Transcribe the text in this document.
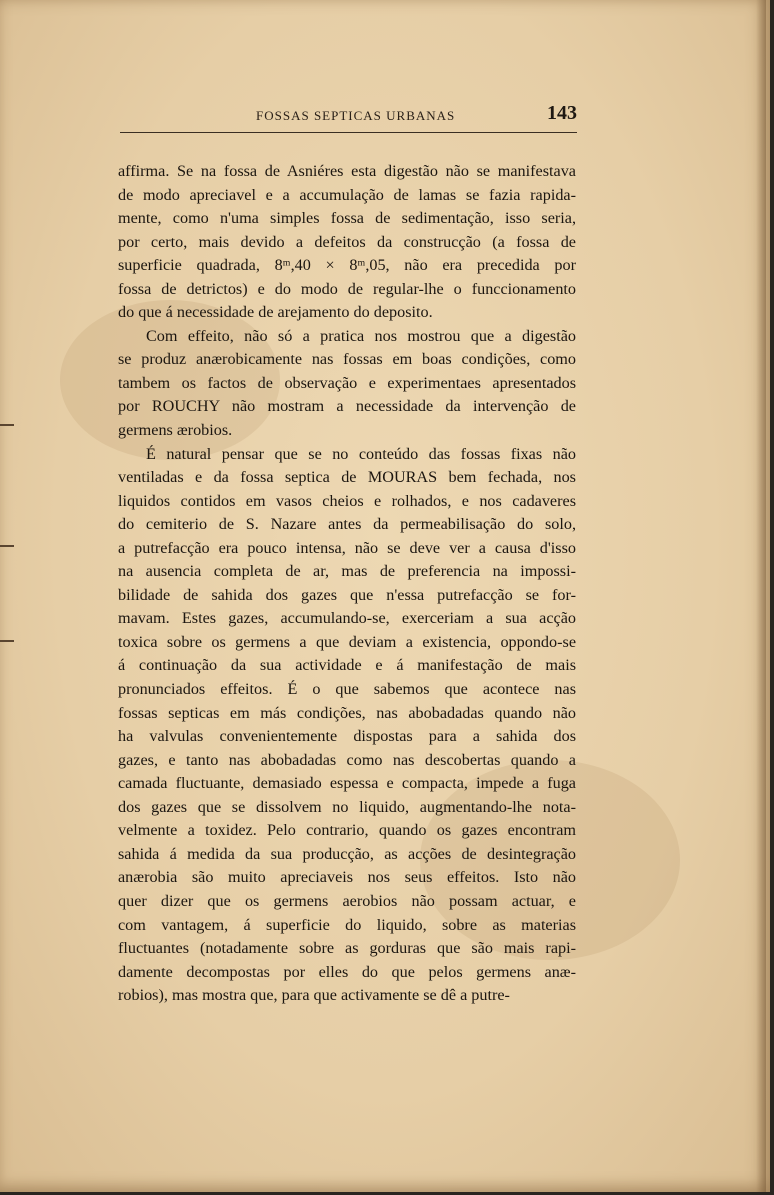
FOSSAS SEPTICAS URBANAS	143
affirma. Se na fossa de Asniéres esta digestão não se manifestava
de modo apreciavel e a accumulação de lamas se fazia rapida-
mente, como n'uma simples fossa de sedimentação, isso seria,
por certo, mais devido a defeitos da construcção (a fossa de
superficie quadrada, 8ᵐ,40 × 8ᵐ,05, não era precedida por
fossa de detrictos) e do modo de regular-lhe o funccionamento
do que á necessidade de arejamento do deposito.
Com effeito, não só a pratica nos mostrou que a digestão
se produz anærobicamente nas fossas em boas condições, como
tambem os factos de observação e experimentaes apresentados
por ROUCHY não mostram a necessidade da intervenção de
germens ærobios.
É natural pensar que se no conteúdo das fossas fixas não
ventiladas e da fossa septica de MOURAS bem fechada, nos
liquidos contidos em vasos cheios e rolhados, e nos cadaveres
do cemiterio de S. Nazare antes da permeabilisação do solo,
a putrefacção era pouco intensa, não se deve ver a causa d'isso
na ausencia completa de ar, mas de preferencia na impossi-
bilidade de sahida dos gazes que n'essa putrefacção se for-
mavam. Estes gazes, accumulando-se, exerceriam a sua acção
toxica sobre os germens a que deviam a existencia, oppondo-se
á continuação da sua actividade e á manifestação de mais
pronunciados effeitos. É o que sabemos que acontece nas
fossas septicas em más condições, nas abobadadas quando não
ha valvulas convenientemente dispostas para a sahida dos
gazes, e tanto nas abobadadas como nas descobertas quando a
camada fluctuante, demasiado espessa e compacta, impede a fuga
dos gazes que se dissolvem no liquido, augmentando-lhe nota-
velmente a toxidez. Pelo contrario, quando os gazes encontram
sahida á medida da sua producção, as acções de desintegração
anærobia são muito apreciaveis nos seus effeitos. Isto não
quer dizer que os germens aerobios não possam actuar, e
com vantagem, á superficie do liquido, sobre as materias
fluctuantes (notadamente sobre as gorduras que são mais rapi-
damente decompostas por elles do que pelos germens anæ-
robios), mas mostra que, para que activamente se dê a putre-
